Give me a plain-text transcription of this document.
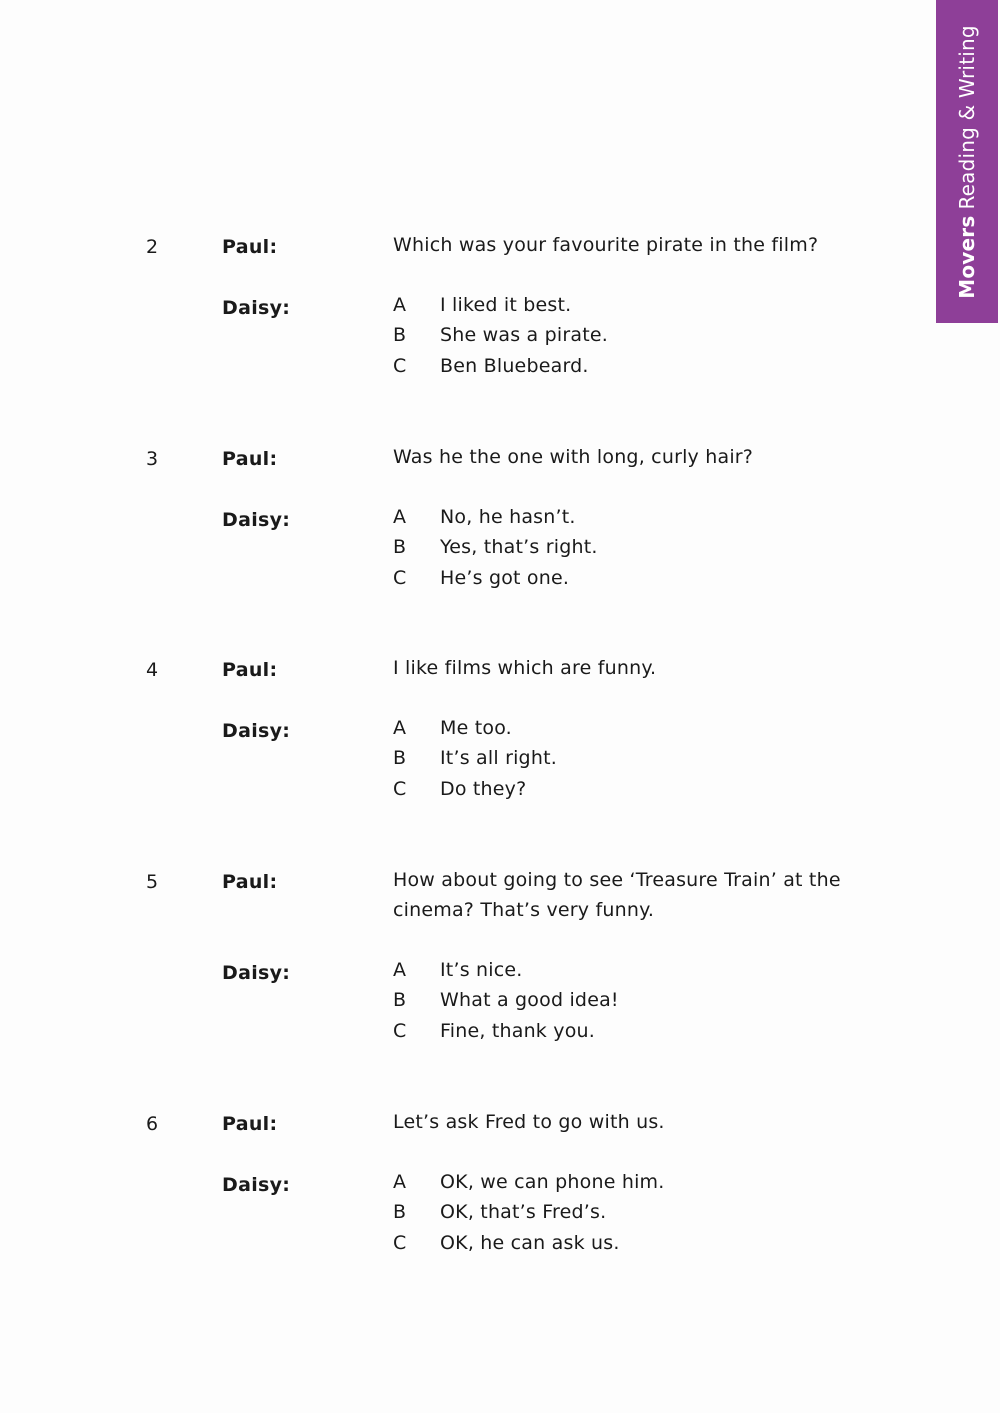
MoversReading & Writing
2	Paul:	Which was your favourite pirate in the film?
Daisy:	A	I liked it best.
B	She was a pirate.
C	Ben Bluebeard.
3	Paul:	Was he the one with long, curly hair?
Daisy:	A	No, he hasn’t.
B	Yes, that’s right.
C	He’s got one.
4	Paul:	I like films which are funny.
Daisy:	A	Me too.
B	It’s all right.
C	Do they?
5	Paul:	How about going to see ‘Treasure Train’ at the
cinema? That’s very funny.
Daisy:	A	It’s nice.
B	What a good idea!
C	Fine, thank you.
6	Paul:	Let’s ask Fred to go with us.
Daisy:	A	OK, we can phone him.
B	OK, that’s Fred’s.
C	OK, he can ask us.
